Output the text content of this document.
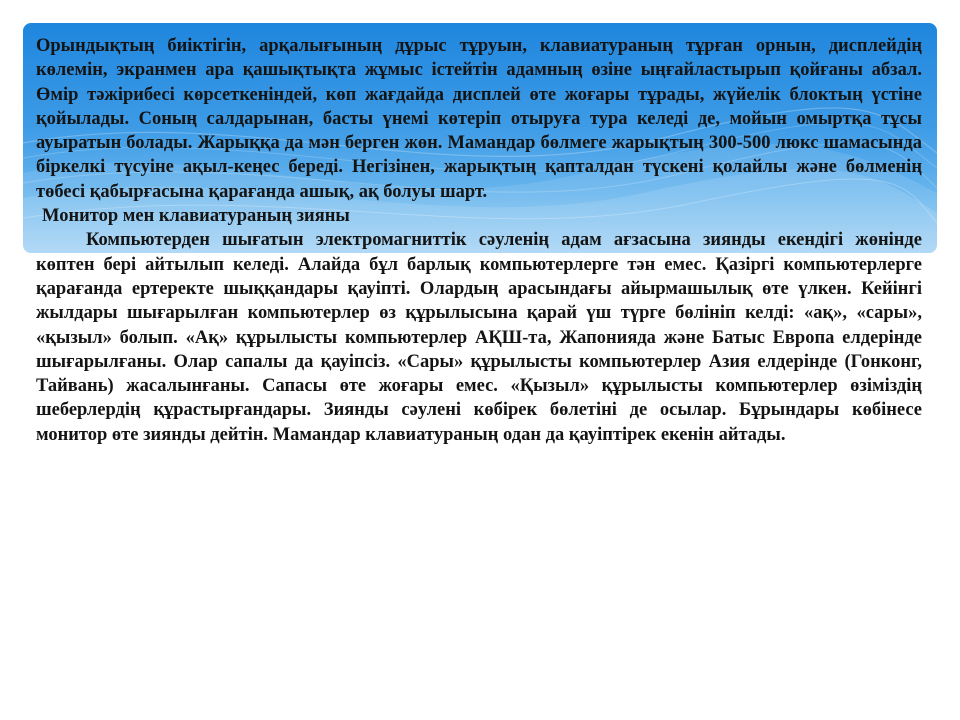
Орындықтың биіктігін, арқалығының дұрыс тұруын, клавиатураның тұрған орнын, дисплейдің көлемін, экранмен ара қашықтықта жұмыс істейтін адамның өзіне ыңғайластырып қойғаны абзал. Өмір тәжірибесі көрсеткеніндей, көп жағдайда дисплей өте жоғары тұрады, жүйелік блоктың үстіне қойылады. Соның салдарынан, басты үнемі көтеріп отыруға тура келеді де, мойын омыртқа тұсы ауыратын болады. Жарыққа да мән берген жөн. Мамандар бөлмеге жарықтың 300-500 люкс шамасында біркелкі түсуіне ақыл-кеңес береді. Негізінен, жарықтың қапталдан түскені қолайлы және бөлменің төбесі қабырғасына қарағанда ашық, ақ болуы шарт.

Монитор мен клавиатураның зияны

Компьютерден шығатын электромагниттік сәуленің адам ағзасына зиянды екендігі жөнінде көптен бері айтылып келеді. Алайда бұл барлық компьютерлерге тән емес. Қазіргі компьютерлерге қарағанда ертеректе шыққандары қауіпті. Олардың арасындағы айырмашылық өте үлкен. Кейінгі жылдары шығарылған компьютерлер өз құрылысына қарай үш түрге бөлініп келді: «ақ», «сары», «қызыл» болып. «Ақ» құрылысты компьютерлер АҚШ-та, Жапонияда және Батыс Европа елдерінде шығарылғаны. Олар сапалы да қауіпсіз. «Сары» құрылысты компьютерлер Азия елдерінде (Гонконг, Тайвань) жасалынғаны. Сапасы өте жоғары емес. «Қызыл» құрылысты компьютерлер өзіміздің шеберлердің құрастырғандары. Зиянды сәулені көбірек бөлетіні де осылар. Бұрындары көбінесе монитор өте зиянды дейтін. Мамандар клавиатураның одан да қауіптірек екенін айтады.
